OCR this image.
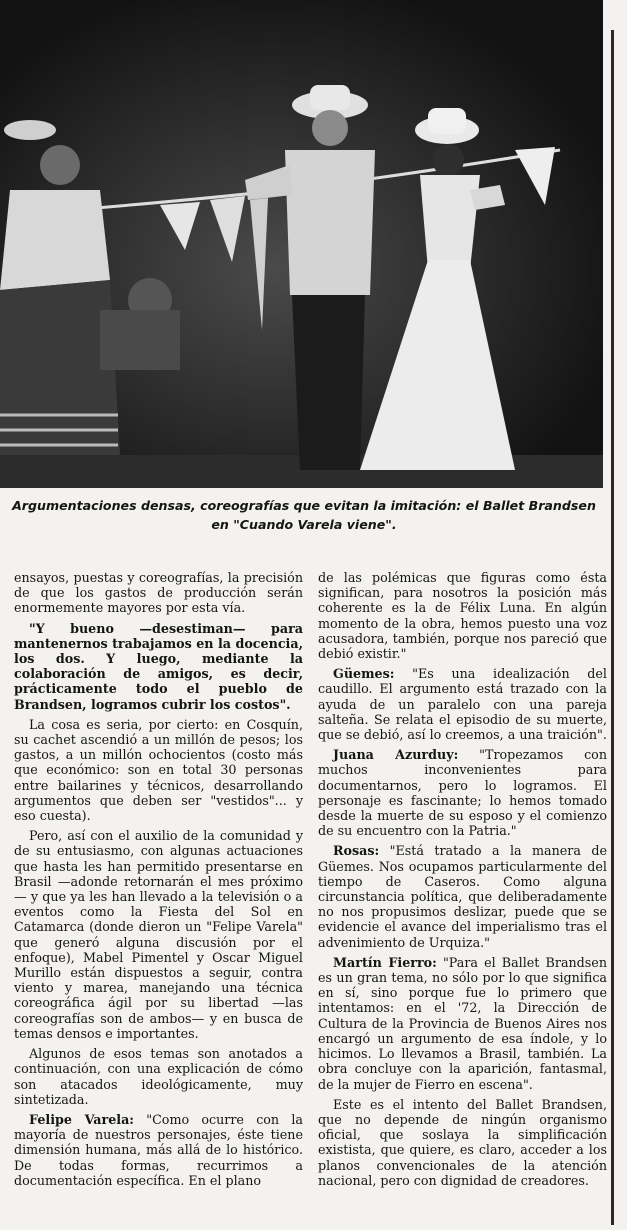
Argumentaciones densas, coreografías que evitan la imitación: el Ballet Brandsen en "Cuando Varela viene".

ensayos, puestas y coreografías, la precisión de que los gastos de producción serán enormemente mayores por esta vía.

"Y bueno —desestiman— para mantenernos trabajamos en la docencia, los dos. Y luego, mediante la colaboración de amigos, es decir, prácticamente todo el pueblo de Brandsen, logramos cubrir los costos".

La cosa es seria, por cierto: en Cosquín, su cachet ascendió a un millón de pesos; los gastos, a un millón ochocientos (costo más que económico: son en total 30 personas entre bailarines y técnicos, desarrollando argumentos que deben ser "vestidos"... y eso cuesta).

Pero, así con el auxilio de la comunidad y de su entusiasmo, con algunas actuaciones que hasta les han permitido presentarse en Brasil —adonde retornarán el mes próximo— y que ya les han llevado a la televisión o a eventos como la Fiesta del Sol en Catamarca (donde dieron un "Felipe Varela" que generó alguna discusión por el enfoque), Mabel Pimentel y Oscar Miguel Murillo están dispuestos a seguir, contra viento y marea, manejando una técnica coreográfica ágil por su libertad —las coreografías son de ambos— y en busca de temas densos e importantes.

Algunos de esos temas son anotados a continuación, con una explicación de cómo son atacados ideológicamente, muy sintetizada.

Felipe Varela: "Como ocurre con la mayoría de nuestros personajes, éste tiene dimensión humana, más allá de lo histórico. De todas formas, recurrimos a documentación específica. En el plano

de las polémicas que figuras como ésta significan, para nosotros la posición más coherente es la de Félix Luna. En algún momento de la obra, hemos puesto una voz acusadora, también, porque nos pareció que debió existir."

Güemes: "Es una idealización del caudillo. El argumento está trazado con la ayuda de un paralelo con una pareja salteña. Se relata el episodio de su muerte, que se debió, así lo creemos, a una traición".

Juana Azurduy: "Tropezamos con muchos inconvenientes para documentarnos, pero lo logramos. El personaje es fascinante; lo hemos tomado desde la muerte de su esposo y el comienzo de su encuentro con la Patria."

Rosas: "Está tratado a la manera de Güemes. Nos ocupamos particularmente del tiempo de Caseros. Como alguna circunstancia política, que deliberadamente no nos propusimos deslizar, puede que se evidencie el avance del imperialismo tras el advenimiento de Urquiza."

Martín Fierro: "Para el Ballet Brandsen es un gran tema, no sólo por lo que significa en sí, sino porque fue lo primero que intentamos: en el '72, la Dirección de Cultura de la Provincia de Buenos Aires nos encargó un argumento de esa índole, y lo hicimos. Lo llevamos a Brasil, también. La obra concluye con la aparición, fantasmal, de la mujer de Fierro en escena".

Este es el intento del Ballet Brandsen, que no depende de ningún organismo oficial, que soslaya la simplificación existista, que quiere, es claro, acceder a los planos convencionales de la atención nacional, pero con dignidad de creadores.
